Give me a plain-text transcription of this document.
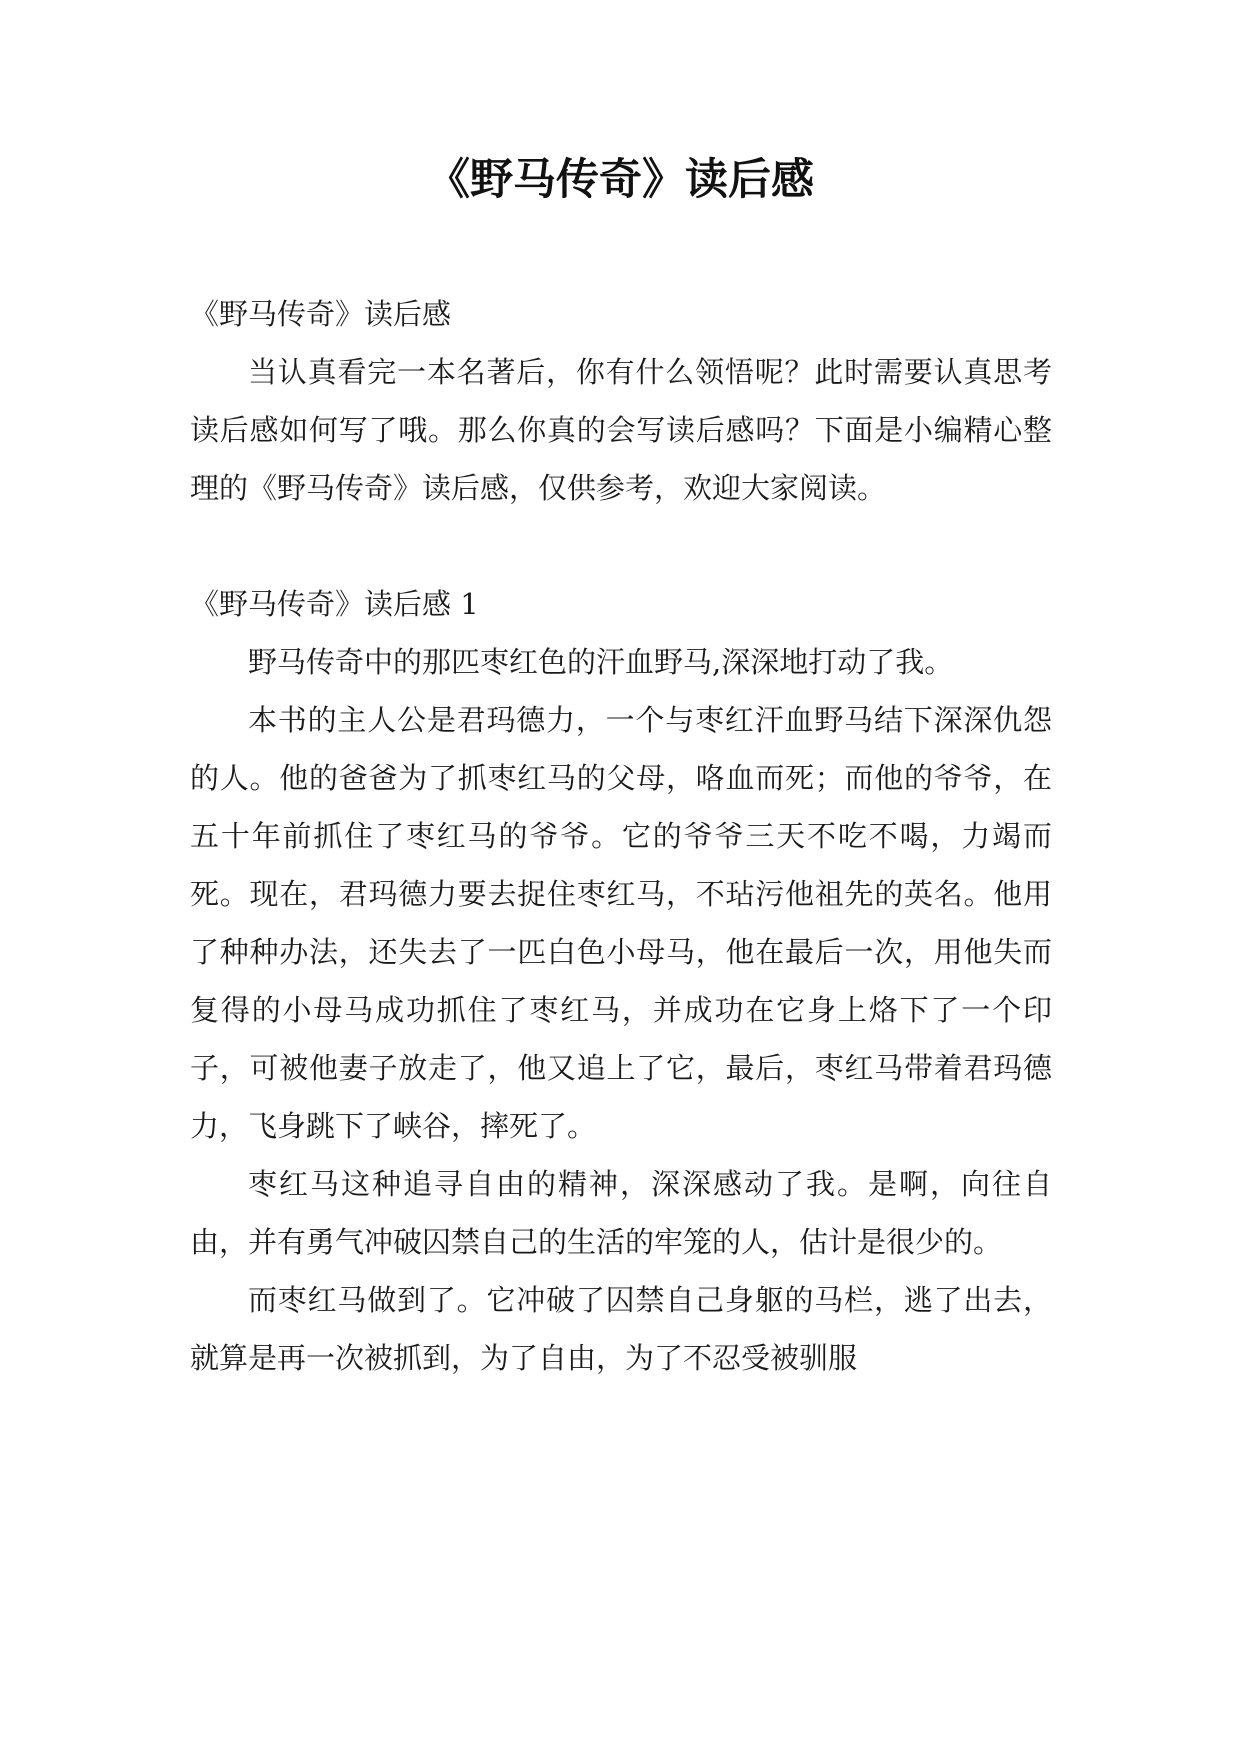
《野马传奇》读后感

《野马传奇》读后感

当认真看完一本名著后，你有什么领悟呢？此时需要认真思考读后感如何写了哦。那么你真的会写读后感吗？下面是小编精心整理的《野马传奇》读后感，仅供参考，欢迎大家阅读。

《野马传奇》读后感 1

野马传奇中的那匹枣红色的汗血野马,深深地打动了我。

本书的主人公是君玛德力，一个与枣红汗血野马结下深深仇怨的人。他的爸爸为了抓枣红马的父母，咯血而死；而他的爷爷，在五十年前抓住了枣红马的爷爷。它的爷爷三天不吃不喝，力竭而死。现在，君玛德力要去捉住枣红马，不玷污他祖先的英名。他用了种种办法，还失去了一匹白色小母马，他在最后一次，用他失而复得的小母马成功抓住了枣红马，并成功在它身上烙下了一个印子，可被他妻子放走了，他又追上了它，最后，枣红马带着君玛德力，飞身跳下了峡谷，摔死了。

枣红马这种追寻自由的精神，深深感动了我。是啊，向往自由，并有勇气冲破囚禁自己的生活的牢笼的人，估计是很少的。

而枣红马做到了。它冲破了囚禁自己身躯的马栏，逃了出去，就算是再一次被抓到，为了自由，为了不忍受被驯服
